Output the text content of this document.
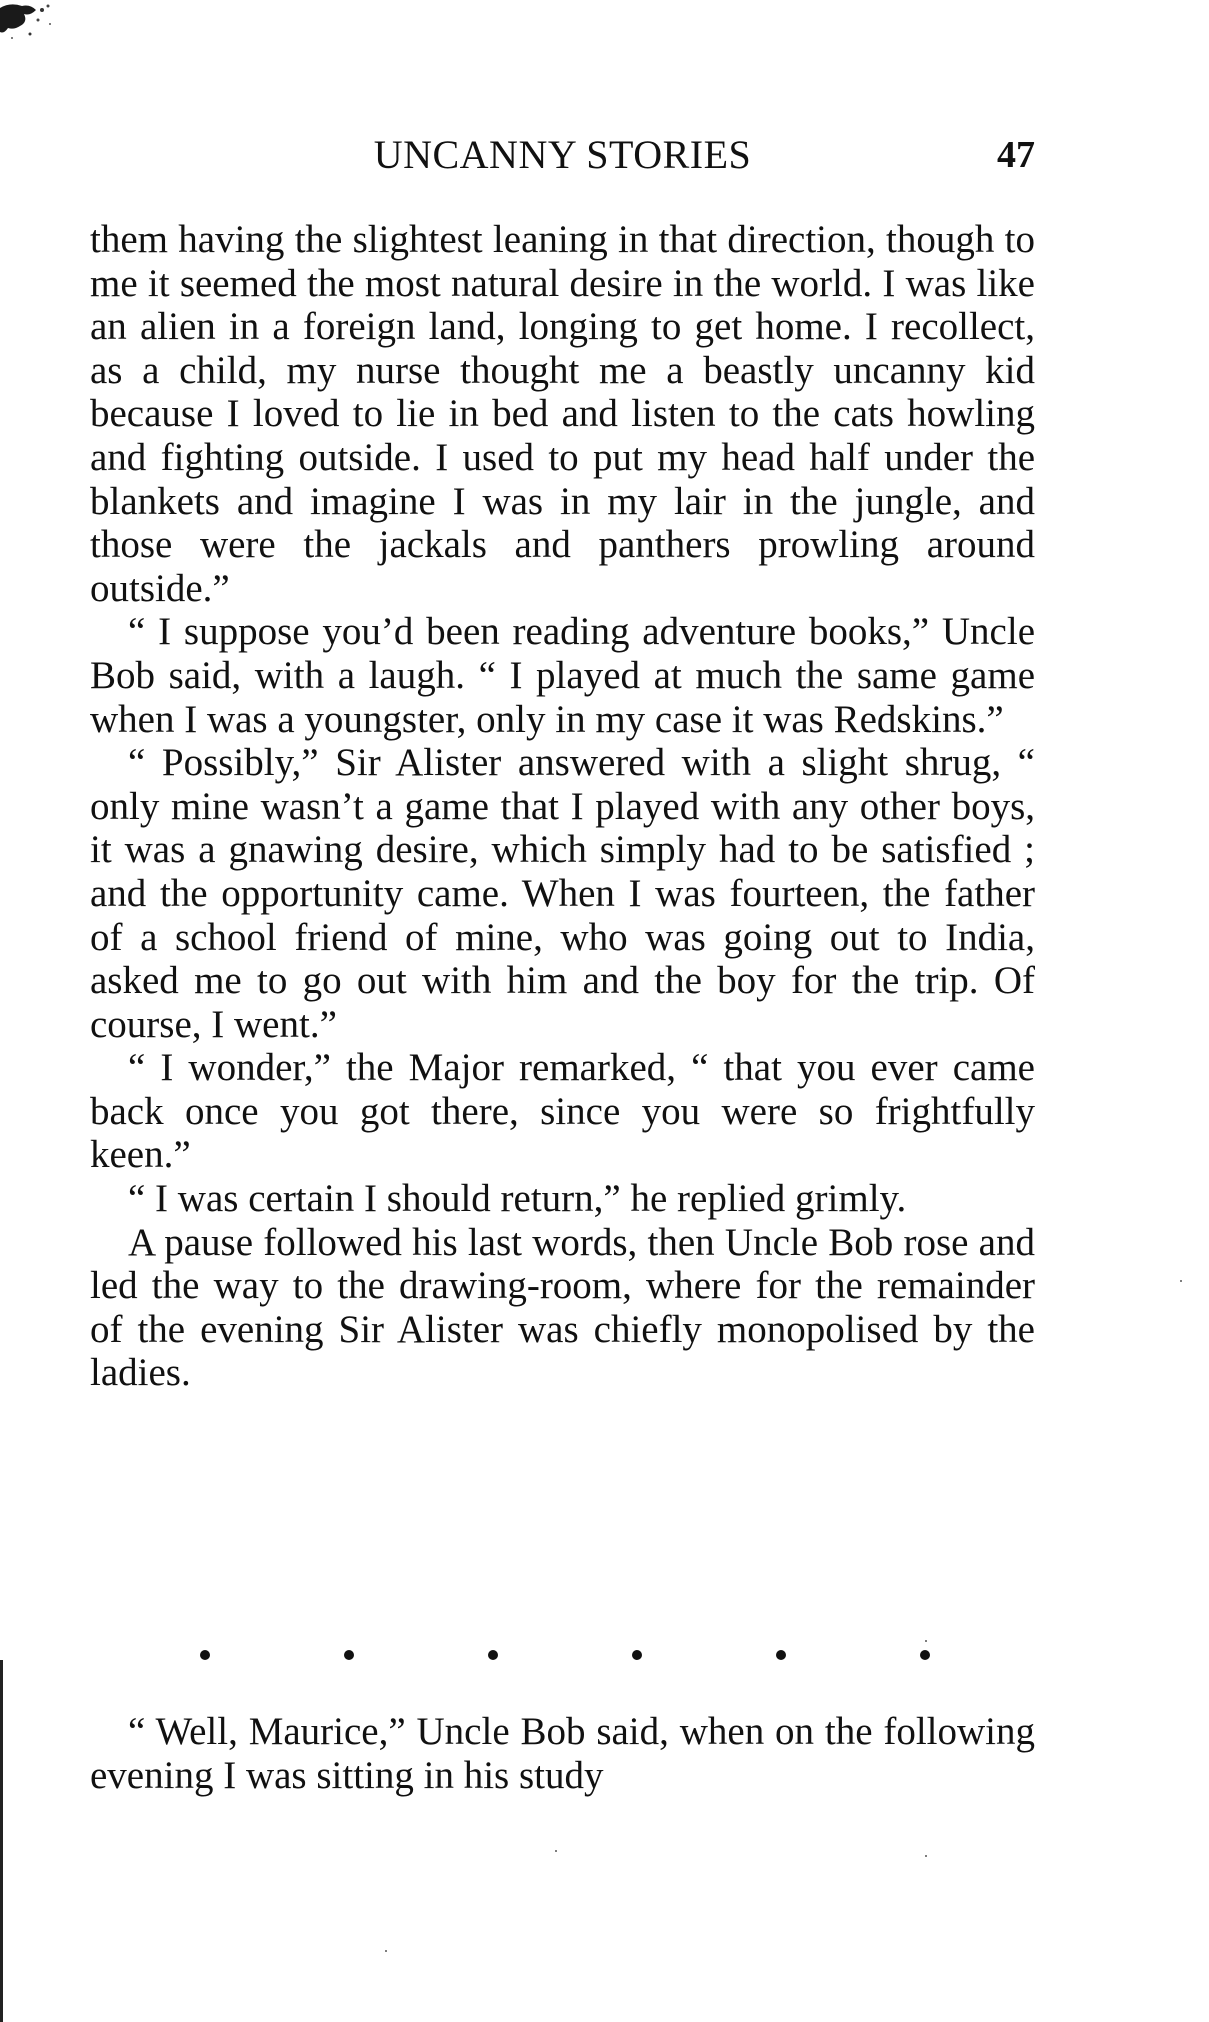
UNCANNY STORIES	47

them having the slightest leaning in that direction, though to me it seemed the most natural desire in the world. I was like an alien in a foreign land, longing to get home. I recollect, as a child, my nurse thought me a beastly uncanny kid because I loved to lie in bed and listen to the cats howling and fighting outside. I used to put my head half under the blankets and imagine I was in my lair in the jungle, and those were the jackals and panthers prowling around outside.”

“ I suppose you’d been reading adventure books,” Uncle Bob said, with a laugh. “ I played at much the same game when I was a youngster, only in my case it was Redskins.”

“ Possibly,” Sir Alister answered with a slight shrug, “ only mine wasn’t a game that I played with any other boys, it was a gnawing desire, which simply had to be satisfied ; and the opportunity came. When I was fourteen, the father of a school friend of mine, who was going out to India, asked me to go out with him and the boy for the trip. Of course, I went.”

“ I wonder,” the Major remarked, “ that you ever came back once you got there, since you were so frightfully keen.”

“ I was certain I should return,” he replied grimly.

A pause followed his last words, then Uncle Bob rose and led the way to the drawing-room, where for the remainder of the evening Sir Alister was chiefly monopolised by the ladies.

“ Well, Maurice,” Uncle Bob said, when on the following evening I was sitting in his study
